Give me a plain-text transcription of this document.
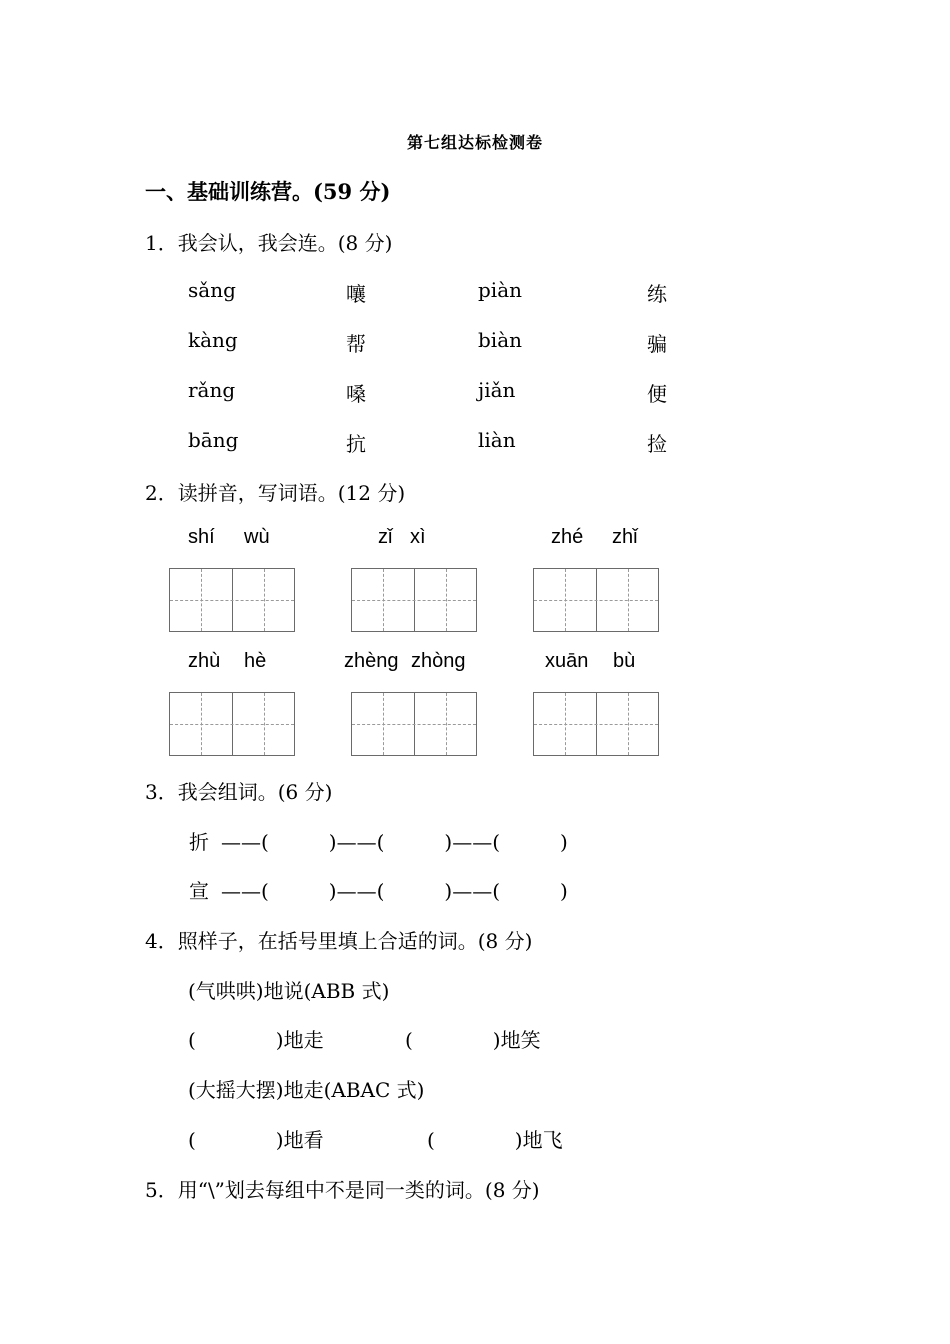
第七组达标检测卷
一、基础训练营。(59 分)
1．我会认，我会连。(8 分)
sǎng	嚷	piàn	练
kàng	帮	biàn	骗
rǎng	嗓	jiǎn	便
bāng	抗	liàn	捡
2．读拼音，写词语。(12 分)
shí wù	zǐ xì	zhé zhǐ
zhù hè	zhèng zhòng	xuān bù
3．我会组词。(6 分)
折 ——(　　　)——(　　　)——(　　　)
宣 ——(　　　)——(　　　)——(　　　)
4．照样子，在括号里填上合适的词。(8 分)
(气哄哄)地说(ABB 式)
(　　　　)地走	(　　　　)地笑
(大摇大摆)地走(ABAC 式)
(　　　　)地看	(　　　　)地飞
5．用“\”划去每组中不是同一类的词。(8 分)
